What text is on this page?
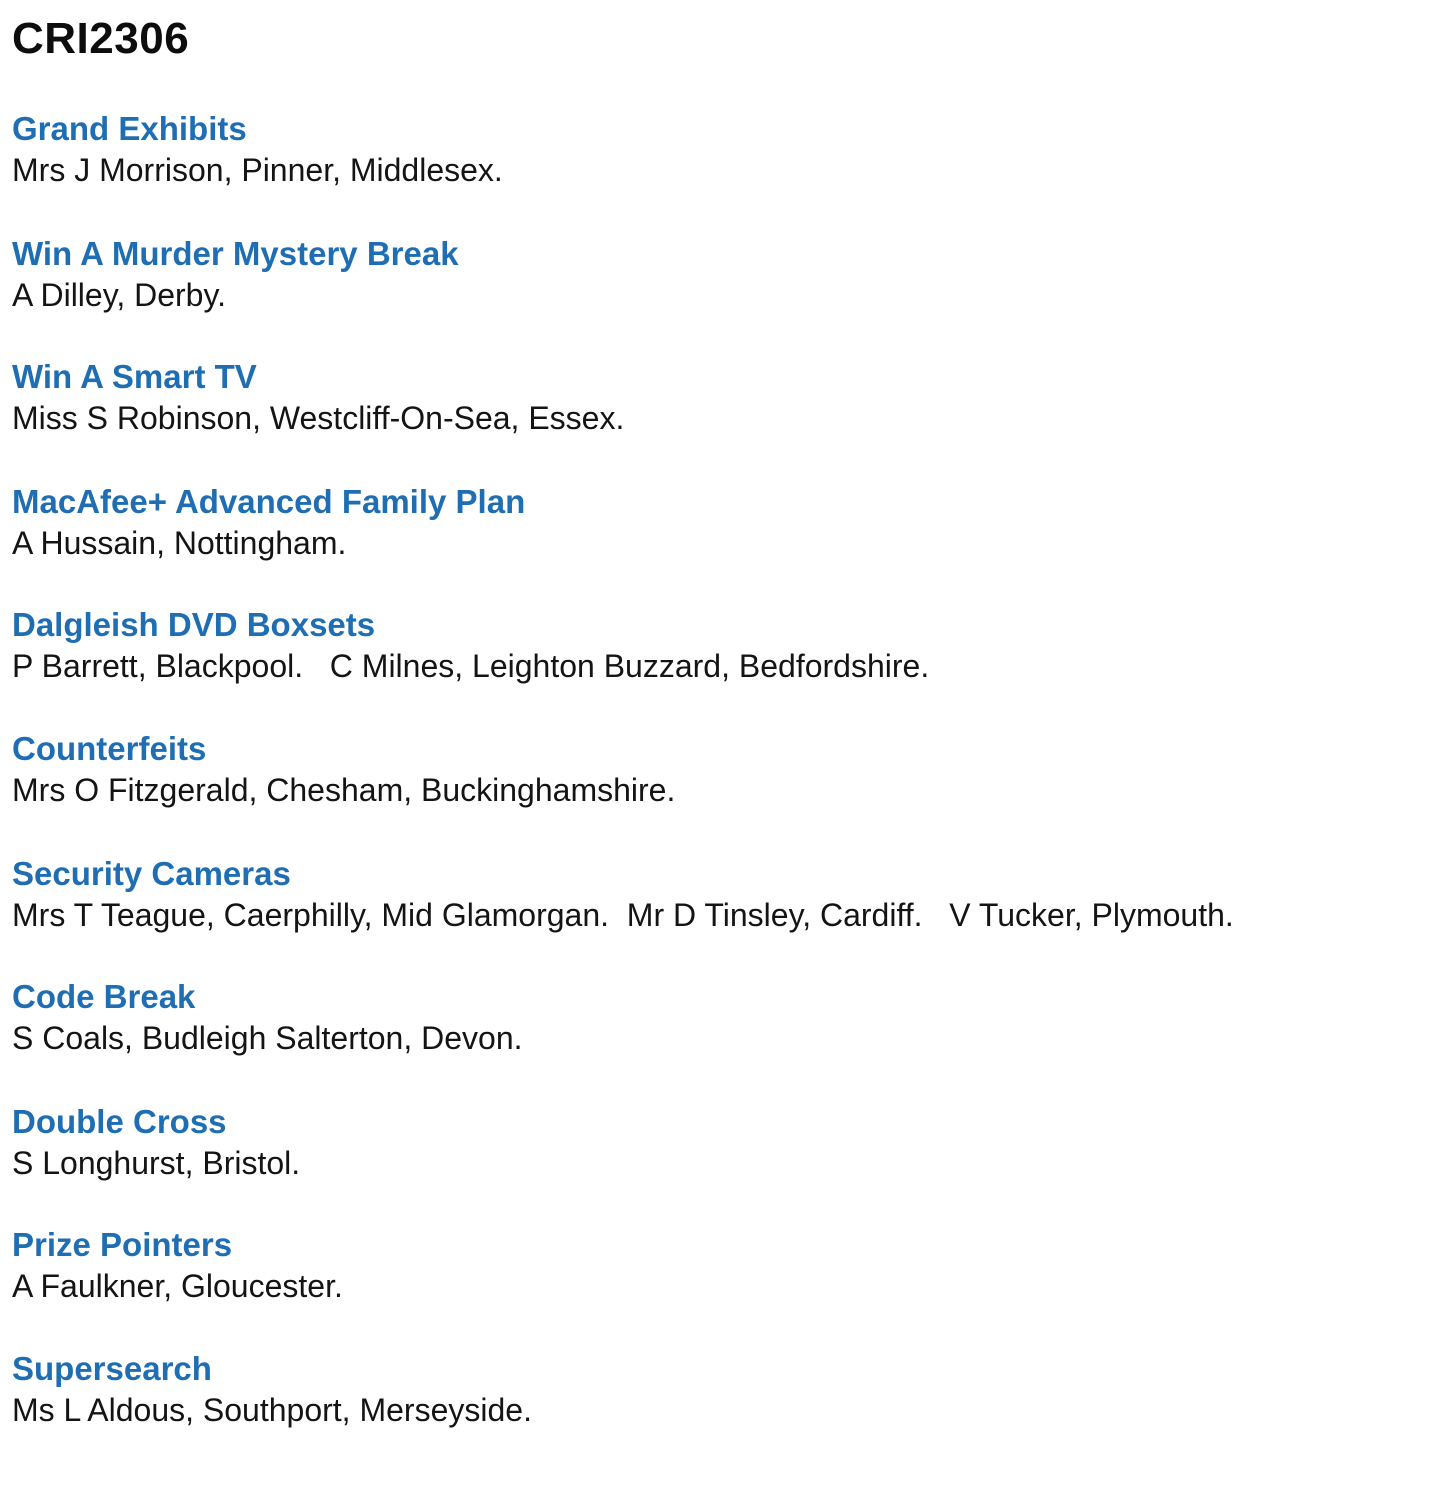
CRI2306
Grand Exhibits

Mrs J Morrison, Pinner, Middlesex.

Win A Murder Mystery Break

A Dilley, Derby.

Win A Smart TV

Miss S Robinson, Westcliff-On-Sea, Essex.

MacAfee+ Advanced Family Plan

A Hussain, Nottingham.

Dalgleish DVD Boxsets

P Barrett, Blackpool.   C Milnes, Leighton Buzzard, Bedfordshire.

Counterfeits

Mrs O Fitzgerald, Chesham, Buckinghamshire.

Security Cameras

Mrs T Teague, Caerphilly, Mid Glamorgan.  Mr D Tinsley, Cardiff.   V Tucker, Plymouth.

Code Break

S Coals, Budleigh Salterton, Devon.

Double Cross

S Longhurst, Bristol.

Prize Pointers

A Faulkner, Gloucester.

Supersearch

Ms L Aldous, Southport, Merseyside.
